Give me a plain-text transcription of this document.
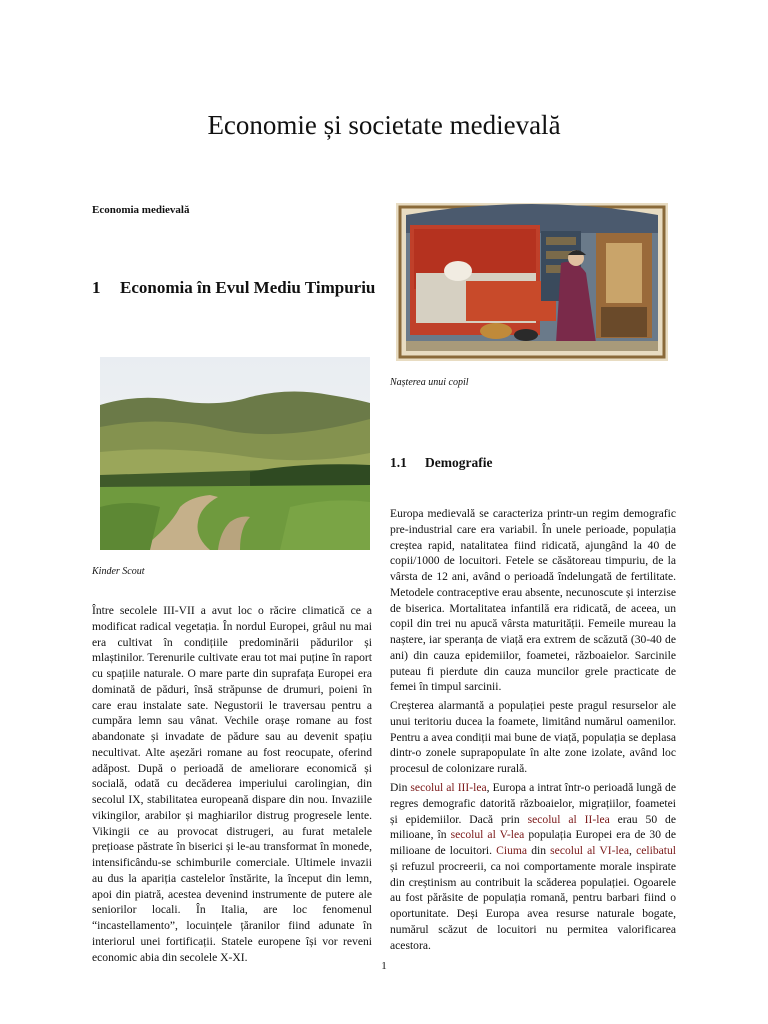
Economie și societate medievală
Economia medievală
1	Economia în Evul Mediu Timpuriu
Kinder Scout

Între secolele III-VII a avut loc o răcire climatică ce a modificat radical vegetația. În nordul Europei, grâul nu mai era cultivat în condițiile predominării pădurilor și mlaștinilor. Terenurile cultivate erau tot mai puține în raport cu spațiile naturale. O mare parte din suprafața Europei era dominată de păduri, însă străpunse de drumuri, poieni în care erau instalate sate. Negustorii le traversau pentru a cumpăra lemn sau vânat. Vechile orașe romane au fost abandonate și invadate de pădure sau au devenit spațiu necultivat. Alte așezări romane au fost reocupate, oferind adăpost. După o perioadă de ameliorare economică și socială, odată cu decăderea imperiului carolingian, din secolul IX, stabilitatea europeană dispare din nou. Invaziile vikingilor, arabilor și maghiarilor distrug progresele lente. Vikingii ce au provocat distrugeri, au furat metalele prețioase păstrate în biserici și le-au transformat în monede, intensificându-se schimburile comerciale. Ultimele invazii au dus la apariția castelelor înstărite, la început din lemn, apoi din piatră, acestea devenind instrumente de putere ale seniorilor locali. În Italia, are loc fenomenul “incastellamento”, locuințele țăranilor fiind adunate în interiorul unei fortificații. Statele europene își vor reveni economic abia din secolele X-XI.

Nașterea unui copil
1.1	Demografie

Europa medievală se caracteriza printr-un regim demografic pre-industrial care era variabil. În unele perioade, populația creștea rapid, natalitatea fiind ridicată, ajungând la 40 de copii/1000 de locuitori. Fetele se căsătoreau timpuriu, de la vârsta de 12 ani, având o perioadă îndelungată de fertilitate. Metodele contraceptive erau absente, necunoscute și interzise de biserica. Mortalitatea infantilă era ridicată, de aceea, un copil din trei nu apucă vârsta maturității. Femeile mureau la naștere, iar speranța de viață era extrem de scăzută (30-40 de ani) din cauza epidemiilor, foametei, războaielor. Sarcinile puteau fi pierdute din cauza muncilor grele practicate de femei în timpul sarcinii.

Creșterea alarmantă a populației peste pragul resurselor ale unui teritoriu ducea la foamete, limitând numărul oamenilor. Pentru a avea condiții mai bune de viață, populația se deplasa dintr-o zonele suprapopulate în alte zone izolate, având loc procesul de colonizare rurală.

Din secolul al III-lea, Europa a intrat într-o perioadă lungă de regres demografic datorită războaielor, migrațiilor, foametei și epidemiilor. Dacă prin secolul al II-lea erau 50 de milioane, în secolul al V-lea populația Europei era de 30 de milioane de locuitori. Ciuma din secolul al VI-lea, celibatul și refuzul procreerii, ca noi comportamente morale inspirate din creștinism au contribuit la scăderea populației. Ogoarele au fost părăsite de populația romană, pentru barbari fiind o oportunitate. Deși Europa avea resurse naturale bogate, numărul scăzut de locuitori nu permitea valorificarea acestora.

1
